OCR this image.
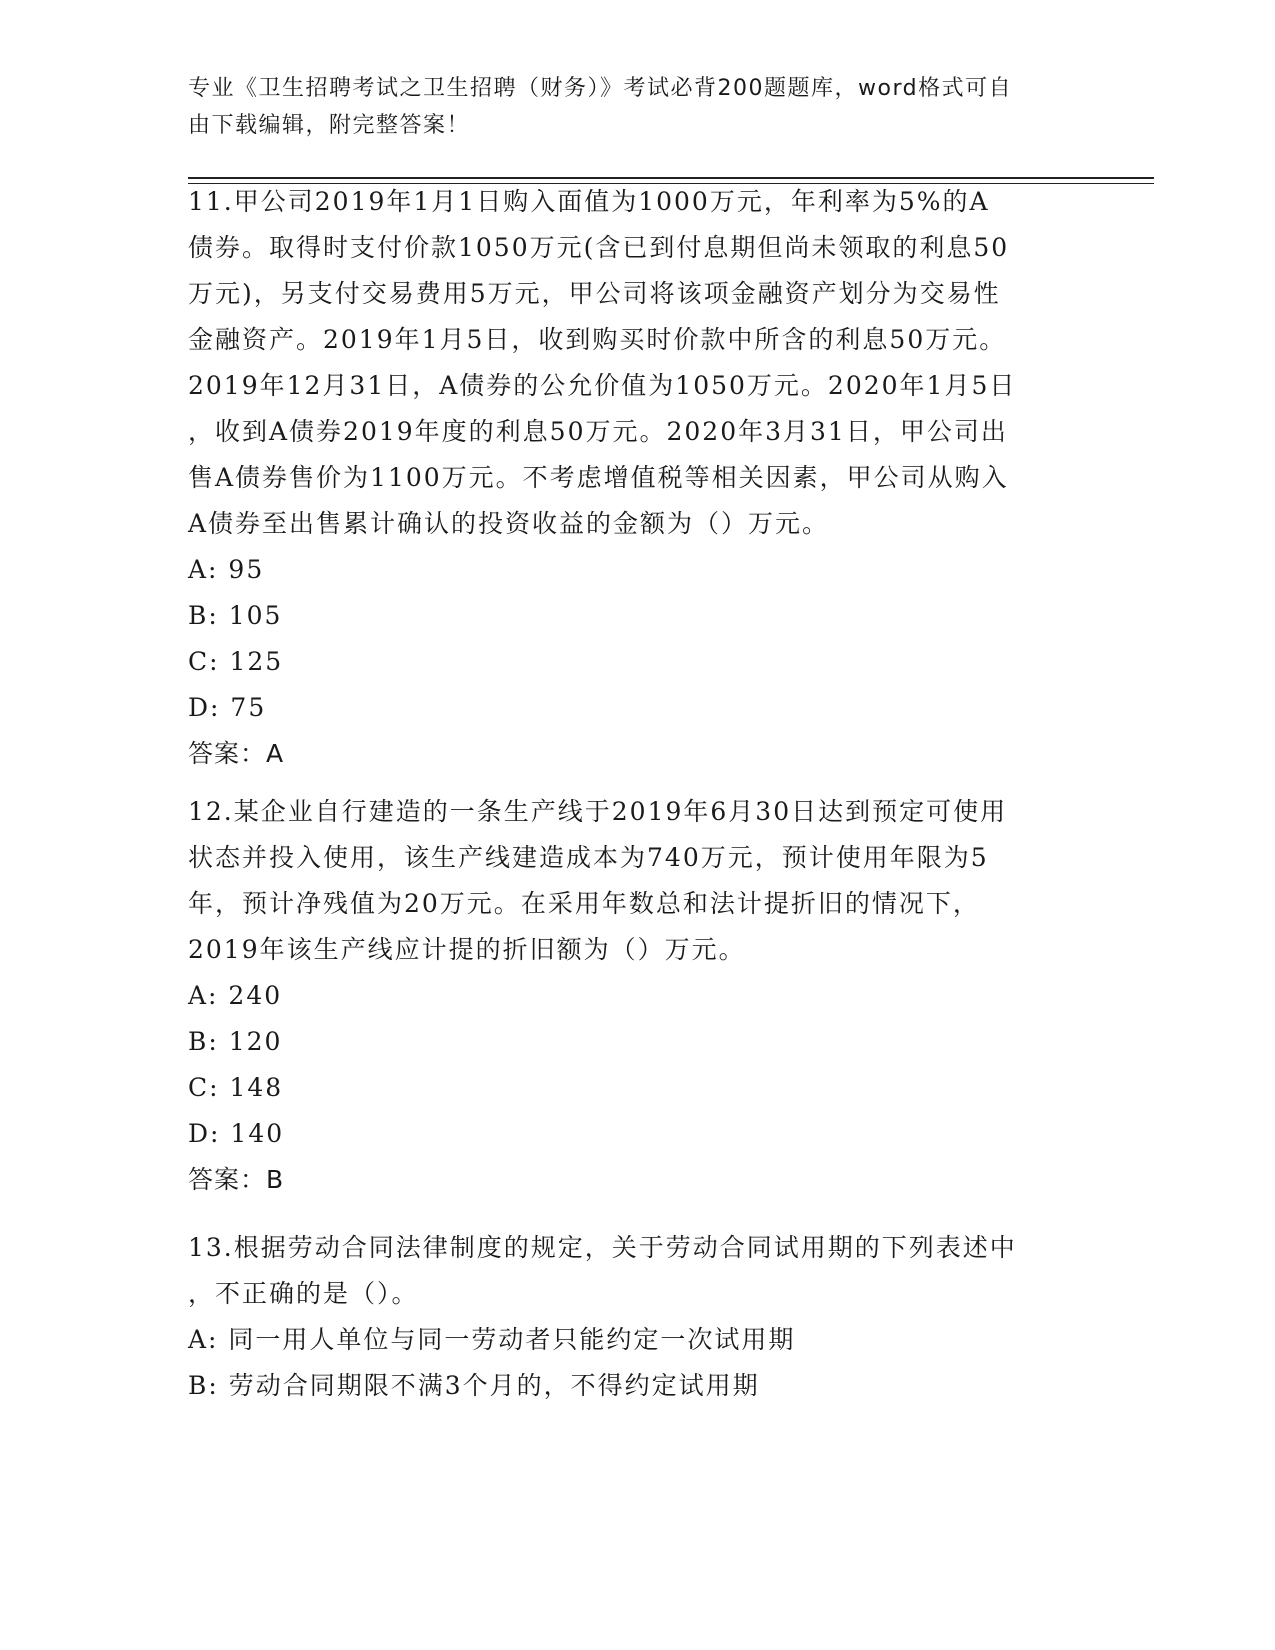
专业《卫生招聘考试之卫生招聘（财务）》考试必背200题题库，word格式可自
由下载编辑，附完整答案！
11.甲公司2019年1月1日购入面值为1000万元，年利率为5%的A
债券。取得时支付价款1050万元(含已到付息期但尚未领取的利息50
万元)，另支付交易费用5万元，甲公司将该项金融资产划分为交易性
金融资产。2019年1月5日，收到购买时价款中所含的利息50万元。
2019年12月31日，A债券的公允价值为1050万元。2020年1月5日
，收到A债券2019年度的利息50万元。2020年3月31日，甲公司出
售A债券售价为1100万元。不考虑增值税等相关因素，甲公司从购入
A债券至出售累计确认的投资收益的金额为（）万元。
A: 95
B: 105
C: 125
D: 75
答案：A
12.某企业自行建造的一条生产线于2019年6月30日达到预定可使用
状态并投入使用，该生产线建造成本为740万元，预计使用年限为5
年，预计净残值为20万元。在采用年数总和法计提折旧的情况下，
2019年该生产线应计提的折旧额为（）万元。
A: 240
B: 120
C: 148
D: 140
答案：B
13.根据劳动合同法律制度的规定，关于劳动合同试用期的下列表述中
，不正确的是（）。
A: 同一用人单位与同一劳动者只能约定一次试用期
B: 劳动合同期限不满3个月的，不得约定试用期
